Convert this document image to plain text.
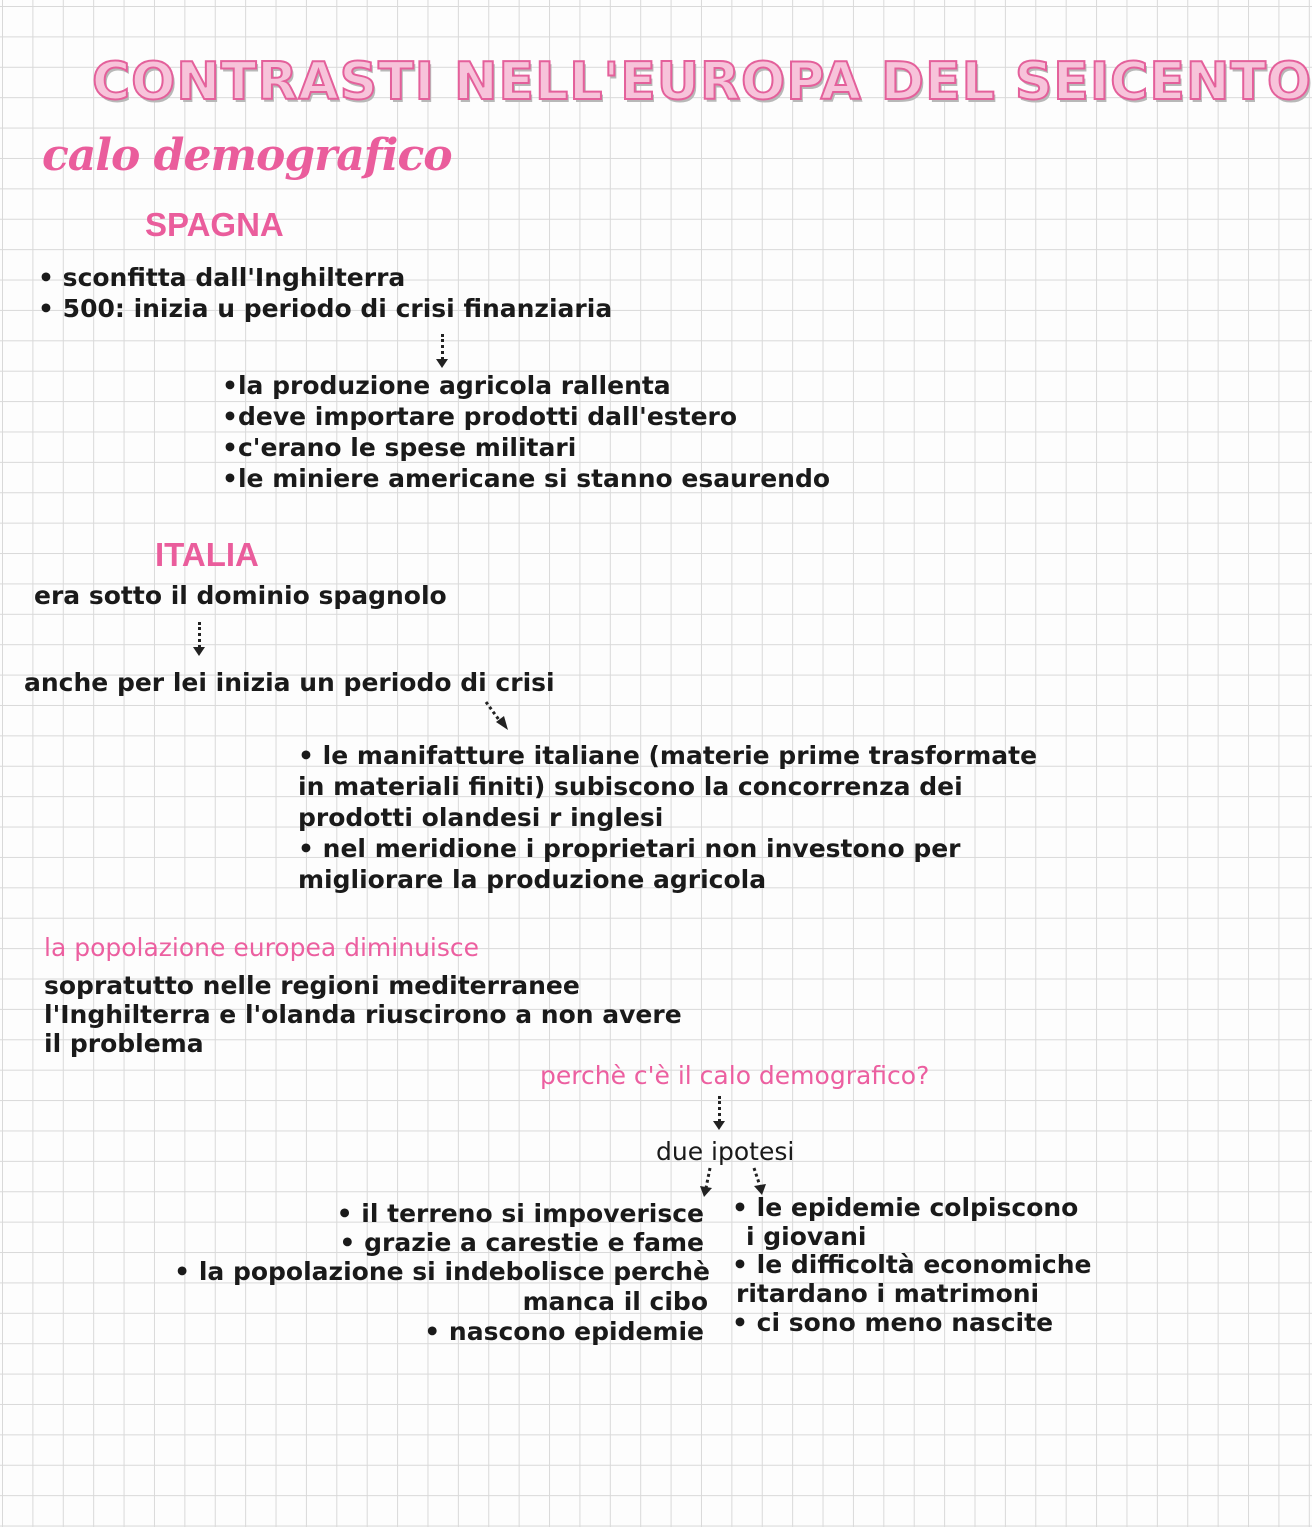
CONTRASTI NELL'EUROPA DEL SEICENTO
calo demografico
SPAGNA
• sconfitta dall'Inghilterra
• 500: inizia u periodo di crisi finanziaria
•la produzione agricola rallenta
•deve importare prodotti dall'estero
•c'erano le spese militari
•le miniere americane si stanno esaurendo
ITALIA
era sotto il dominio spagnolo
anche per lei inizia un periodo di crisi
• le manifatture italiane (materie prime trasformate
in materiali finiti) subiscono la concorrenza dei
prodotti olandesi r inglesi
• nel meridione i proprietari non investono per
migliorare la produzione agricola
la popolazione europea diminuisce
sopratutto nelle regioni mediterranee
l'Inghilterra e l'olanda riuscirono a non avere
il problema
perchè c'è il calo demografico?
due ipotesi
• il terreno si impoverisce
• grazie a carestie e fame
• la popolazione si indebolisce perchè
manca il cibo
• nascono epidemie
• le epidemie colpiscono
i giovani
• le difficoltà economiche
ritardano i matrimoni
• ci sono meno nascite
